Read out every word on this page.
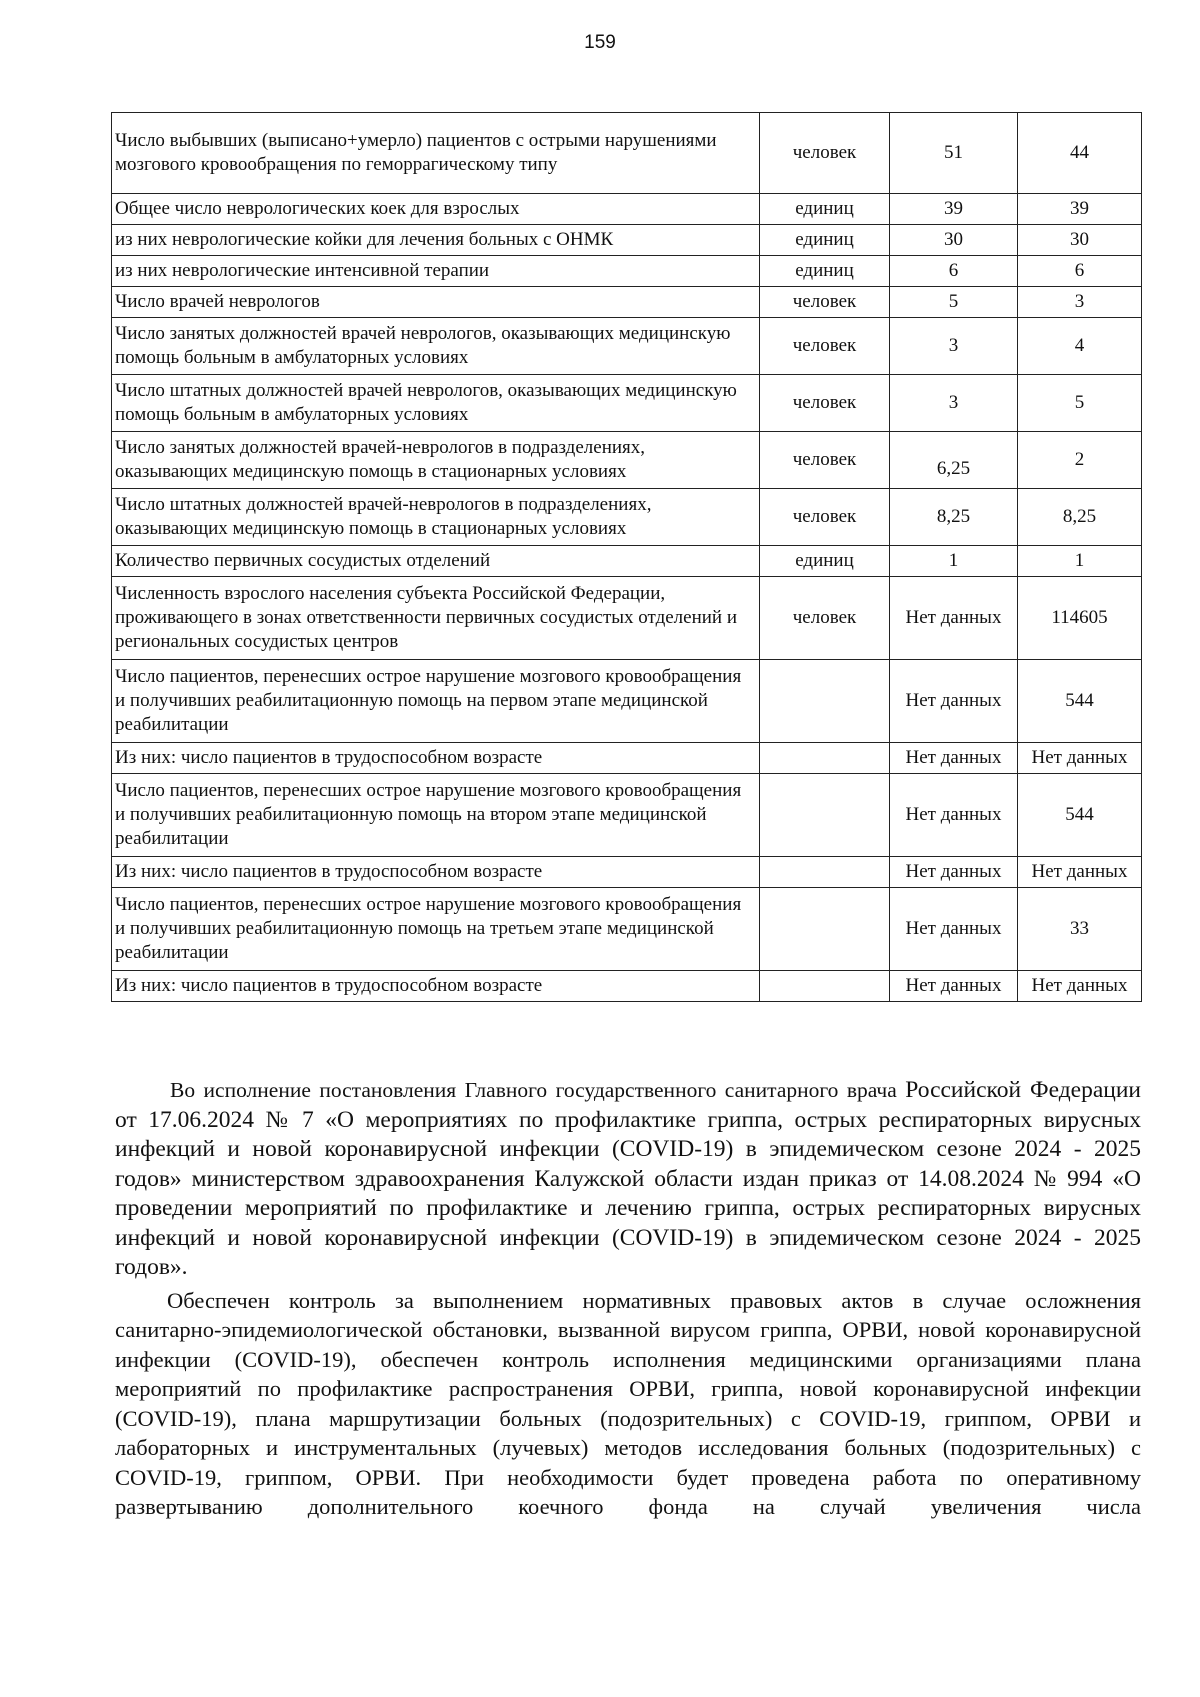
159
Число выбывших (выписано+умерло) пациентов с острыми нарушениями мозгового кровообращения по геморрагическому типу	человек	51	44
Общее число неврологических коек для взрослых	единиц	39	39
из них неврологические койки для лечения больных с ОНМК	единиц	30	30
из них неврологические интенсивной терапии	единиц	6	6
Число врачей неврологов	человек	5	3
Число занятых должностей врачей неврологов, оказывающих медицинскую помощь больным в амбулаторных условиях	человек	3	4
Число штатных должностей врачей неврологов, оказывающих медицинскую помощь больным в амбулаторных условиях	человек	3	5
Число занятых должностей врачей-неврологов в подразделениях, оказывающих медицинскую помощь в стационарных условиях	человек	6,25	2
Число штатных должностей врачей-неврологов в подразделениях, оказывающих медицинскую помощь в стационарных условиях	человек	8,25	8,25
Количество первичных сосудистых отделений	единиц	1	1
Численность взрослого населения субъекта Российской Федерации, проживающего в зонах ответственности первичных сосудистых отделений и региональных сосудистых центров	человек	Нет данных	114605
Число пациентов, перенесших острое нарушение мозгового кровообращения и получивших реабилитационную помощь на первом этапе медицинской реабилитации		Нет данных	544
Из них: число пациентов в трудоспособном возрасте		Нет данных	Нет данных
Число пациентов, перенесших острое нарушение мозгового кровообращения и получивших реабилитационную помощь на втором этапе медицинской реабилитации		Нет данных	544
Из них: число пациентов в трудоспособном возрасте		Нет данных	Нет данных
Число пациентов, перенесших острое нарушение мозгового кровообращения и получивших реабилитационную помощь на третьем этапе медицинской реабилитации		Нет данных	33
Из них: число пациентов в трудоспособном возрасте		Нет данных	Нет данных

Во исполнение постановления Главного государственного санитарного врача Российской Федерации от 17.06.2024 № 7 «О мероприятиях по профилактике гриппа, острых респираторных вирусных инфекций и новой коронавирусной инфекции (COVID-19) в эпидемическом сезоне 2024 - 2025 годов» министерством здравоохранения Калужской области издан приказ от 14.08.2024 № 994 «О проведении мероприятий по профилактике и лечению гриппа, острых респираторных вирусных инфекций и новой коронавирусной инфекции (COVID-19) в эпидемическом сезоне 2024 - 2025 годов».

Обеспечен контроль за выполнением нормативных правовых актов в случае осложнения санитарно-эпидемиологической обстановки, вызванной вирусом гриппа, ОРВИ, новой коронавирусной инфекции (COVID-19), обеспечен контроль исполнения медицинскими организациями плана мероприятий по профилактике распространения ОРВИ, гриппа, новой коронавирусной инфекции (COVID-19), плана маршрутизации больных (подозрительных) с COVID-19, гриппом, ОРВИ и лабораторных и инструментальных (лучевых) методов исследования больных (подозрительных) с COVID-19, гриппом, ОРВИ. При необходимости будет проведена работа по оперативному развертыванию дополнительного коечного фонда на случай увеличения числа
